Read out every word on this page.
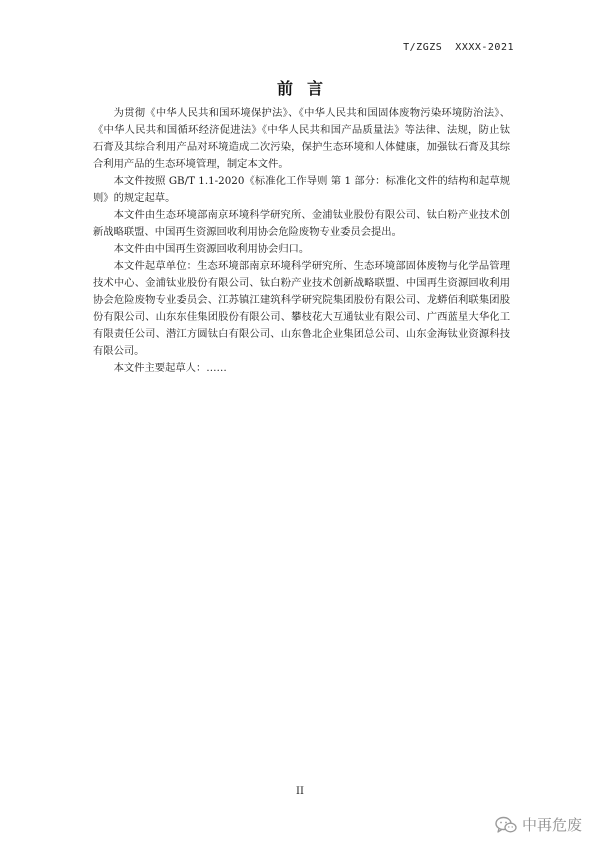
T/ZGZS  XXXX-2021
前言

为贯彻《中华人民共和国环境保护法》、《中华人民共和国固体废物污染环境防治法》、《中华人民共和国循环经济促进法》《中华人民共和国产品质量法》等法律、法规，防止钛石膏及其综合利用产品对环境造成二次污染，保护生态环境和人体健康，加强钛石膏及其综合利用产品的生态环境管理，制定本文件。

本文件按照 GB/T 1.1-2020《标准化工作导则 第 1 部分：标准化文件的结构和起草规则》的规定起草。

本文件由生态环境部南京环境科学研究所、金浦钛业股份有限公司、钛白粉产业技术创新战略联盟、中国再生资源回收利用协会危险废物专业委员会提出。

本文件由中国再生资源回收利用协会归口。

本文件起草单位：生态环境部南京环境科学研究所、生态环境部固体废物与化学品管理技术中心、金浦钛业股份有限公司、钛白粉产业技术创新战略联盟、中国再生资源回收利用协会危险废物专业委员会、江苏镇江建筑科学研究院集团股份有限公司、龙蟒佰利联集团股份有限公司、山东东佳集团股份有限公司、攀枝花大互通钛业有限公司、广西蓝星大华化工有限责任公司、潜江方圆钛白有限公司、山东鲁北企业集团总公司、山东金海钛业资源科技有限公司。

本文件主要起草人：……

II
中再危废
